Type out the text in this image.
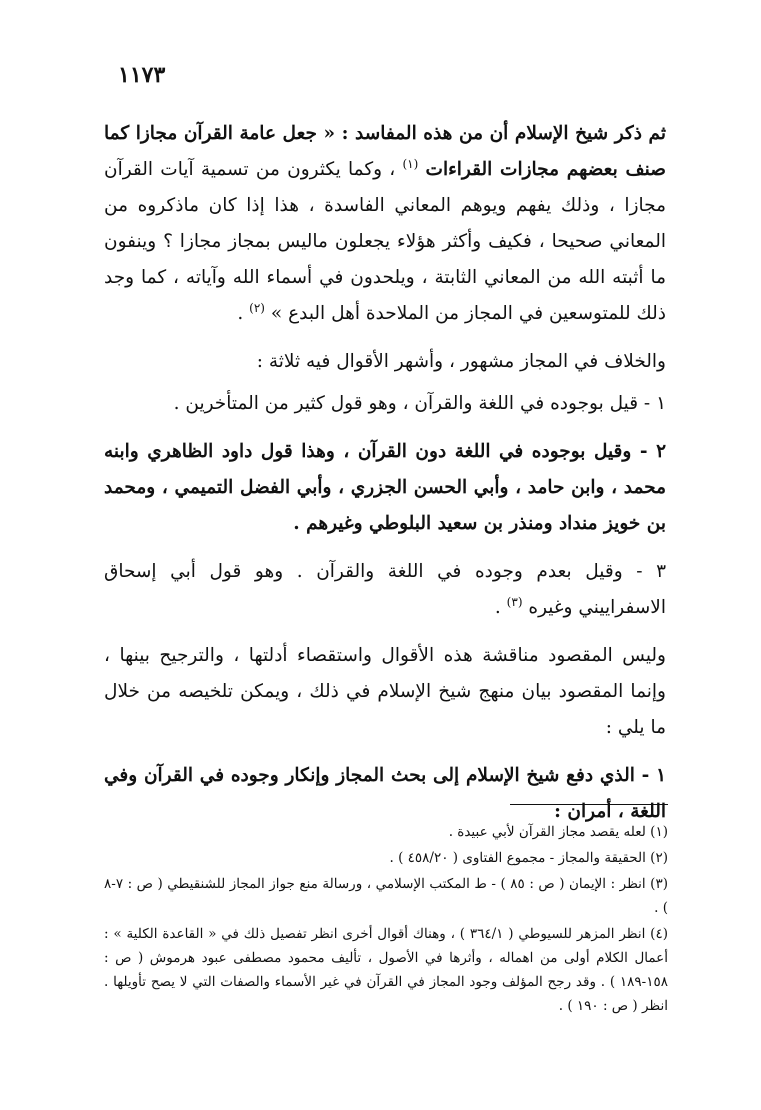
١١٧٣

ثم ذكر شيخ الإسلام أن من هذه المفاسد : « جعل عامة القرآن مجازا كما صنف بعضهم مجازات القراءات $^{(١)}$ ، وكما يكثرون من تسمية آيات القرآن مجازا ، وذلك يفهم ويوهم المعاني الفاسدة ، هذا إذا كان ماذكروه من المعاني صحيحا ، فكيف وأكثر هؤلاء يجعلون ماليس بمجاز مجازا ؟ وينفون ما أثبته الله من المعاني الثابتة ، ويلحدون في أسماء الله وآياته ، كما وجد ذلك للمتوسعين في المجاز من الملاحدة أهل البدع » $^{(٢)}$ .

والخلاف في المجاز مشهور ، وأشهر الأقوال فيه ثلاثة :

١ - قيل بوجوده في اللغة والقرآن ، وهو قول كثير من المتأخرين .

٢ - وقيل بوجوده في اللغة دون القرآن ، وهذا قول داود الظاهري وابنه محمد ، وابن حامد ، وأبي الحسن الجزري ، وأبي الفضل التميمي ، ومحمد بن خويز منداد ومنذر بن سعيد البلوطي وغيرهم .

٣ - وقيل بعدم وجوده في اللغة والقرآن . وهو قول أبي إسحاق الاسفراييني وغيره $^{(٣)}$ .

وليس المقصود مناقشة هذه الأقوال واستقصاء أدلتها ، والترجيح بينها ، وإنما المقصود بيان منهج شيخ الإسلام في ذلك ، ويمكن تلخيصه من خلال ما يلي :

١ - الذي دفع شيخ الإسلام إلى بحث المجاز وإنكار وجوده في القرآن وفي اللغة ، أمران :

(١) لعله يقصد مجاز القرآن لأبي عبيدة .

(٢) الحقيقة والمجاز - مجموع الفتاوى ( ٤٥٨/٢٠ ) .

(٣) انظر : الإيمان ( ص : ٨٥ ) - ط المكتب الإسلامي ، ورسالة منع جواز المجاز للشنقيطي ( ص : ٧-٨ ) .

(٤) انظر المزهر للسيوطي ( ٣٦٤/١ ) ، وهناك أقوال أخرى انظر تفصيل ذلك في « القاعدة الكلية » : أعمال الكلام أولى من اهماله ، وأثرها في الأصول ، تأليف محمود مصطفى عبود هرموش ( ص : ١٥٨-١٨٩ ) . وقد رجح المؤلف وجود المجاز في القرآن في غير الأسماء والصفات التي لا يصح تأويلها . انظر ( ص : ١٩٠ ) .
